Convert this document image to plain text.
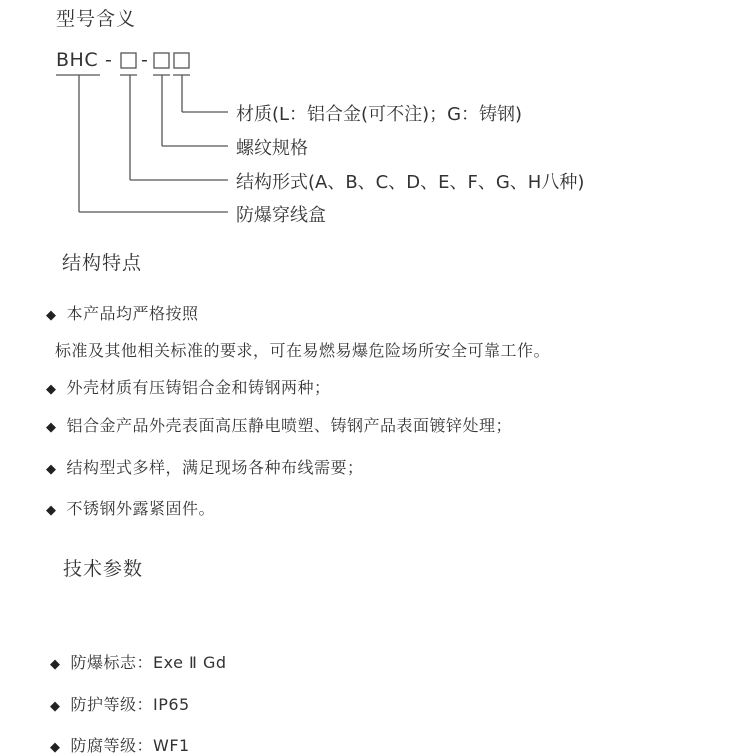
型号含义
BHC - -
材质(L：铝合金(可不注)；G：铸钢)
螺纹规格
结构形式(A、B、C、D、E、F、G、H八种)
防爆穿线盒
结构特点
◆ 本产品均严格按照
标准及其他相关标准的要求，可在易燃易爆危险场所安全可靠工作。
◆ 外壳材质有压铸铝合金和铸钢两种；
◆ 铝合金产品外壳表面高压静电喷塑、铸钢产品表面镀锌处理；
◆ 结构型式多样，满足现场各种布线需要；
◆ 不锈钢外露紧固件。
技术参数
◆ 防爆标志：Exe Ⅱ Gd
◆ 防护等级：IP65
◆ 防腐等级：WF1
